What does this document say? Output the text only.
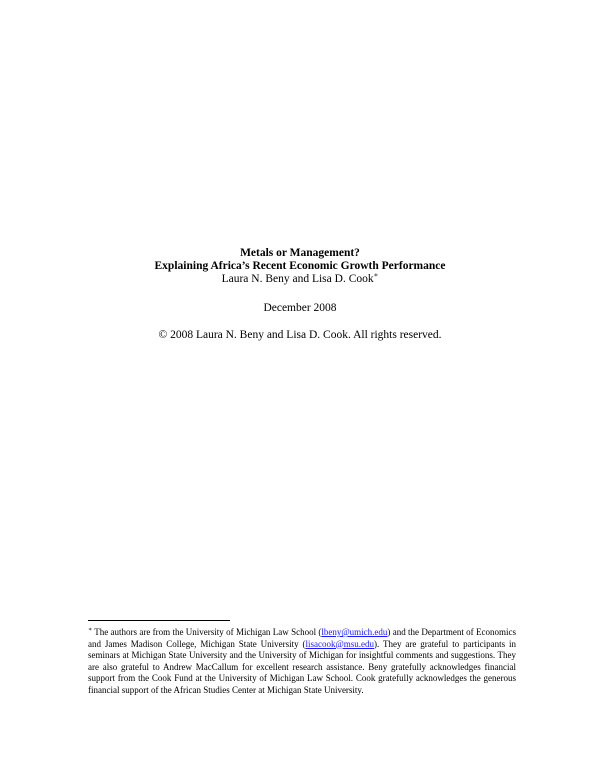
Metals or Management?
Explaining Africa’s Recent Economic Growth Performance
Laura N. Beny and Lisa D. Cook∗
December 2008
© 2008 Laura N. Beny and Lisa D. Cook. All rights reserved.
∗ The authors are from the University of Michigan Law School (lbeny@umich.edu) and the Department of Economics and James Madison College, Michigan State University (lisacook@msu.edu). They are grateful to participants in seminars at Michigan State University and the University of Michigan for insightful comments and suggestions. They are also grateful to Andrew MacCallum for excellent research assistance. Beny gratefully acknowledges financial support from the Cook Fund at the University of Michigan Law School. Cook gratefully acknowledges the generous financial support of the African Studies Center at Michigan State University.
